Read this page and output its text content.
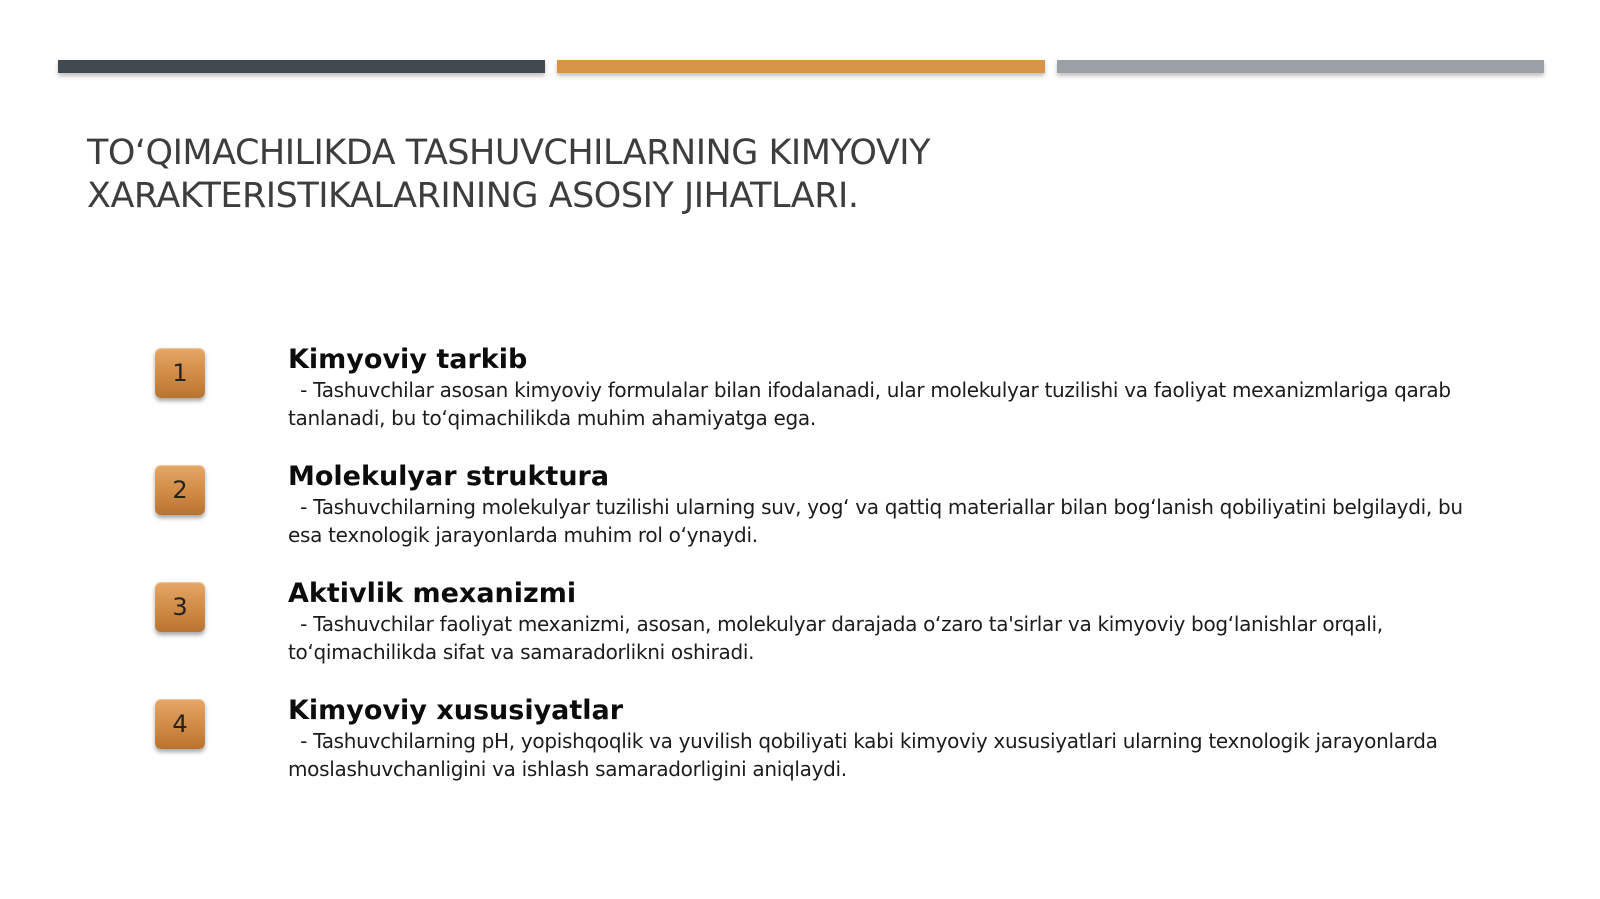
TO‘QIMACHILIKDA TASHUVCHILARNING KIMYOVIY XARAKTERISTIKALARINING ASOSIY JIHATLARI.
1	Kimyoviy tarkib

- Tashuvchilar asosan kimyoviy formulalar bilan ifodalanadi, ular molekulyar tuzilishi va faoliyat mexanizmlariga qarab tanlanadi, bu to‘qimachilikda muhim ahamiyatga ega.

2	Molekulyar struktura

- Tashuvchilarning molekulyar tuzilishi ularning suv, yog‘ va qattiq materiallar bilan bog‘lanish qobiliyatini belgilaydi, bu esa texnologik jarayonlarda muhim rol o‘ynaydi.

3	Aktivlik mexanizmi

- Tashuvchilar faoliyat mexanizmi, asosan, molekulyar darajada o‘zaro ta'sirlar va kimyoviy bog‘lanishlar orqali, to‘qimachilikda sifat va samaradorlikni oshiradi.

4	Kimyoviy xususiyatlar

- Tashuvchilarning pH, yopishqoqlik va yuvilish qobiliyati kabi kimyoviy xususiyatlari ularning texnologik jarayonlarda moslashuvchanligini va ishlash samaradorligini aniqlaydi.
